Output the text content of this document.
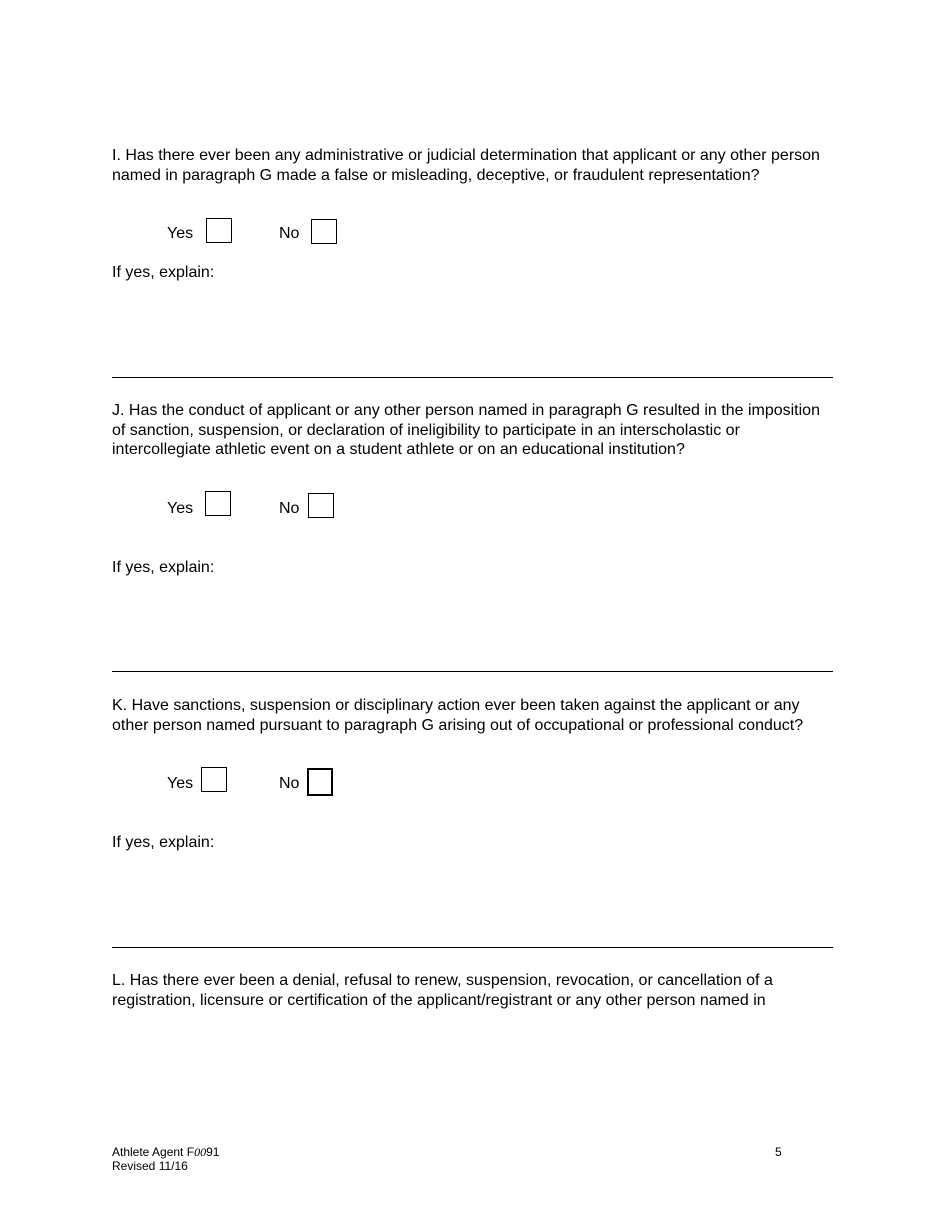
I. Has there ever been any administrative or judicial determination that applicant or any other person named in paragraph G made a false or misleading, deceptive, or fraudulent representation?
Yes	No
If yes, explain:
J. Has the conduct of applicant or any other person named in paragraph G resulted in the imposition of sanction, suspension, or declaration of ineligibility to participate in an interscholastic or intercollegiate athletic event on a student athlete or on an educational institution?
Yes	No
If yes, explain:
K. Have sanctions, suspension or disciplinary action ever been taken against the applicant or any other person named pursuant to paragraph G arising out of occupational or professional conduct?
Yes	No
If yes, explain:
L. Has there ever been a denial, refusal to renew, suspension, revocation, or cancellation of a registration, licensure or certification of the applicant/registrant or any other person named in
Athlete Agent F0091
Revised 11/16
5
